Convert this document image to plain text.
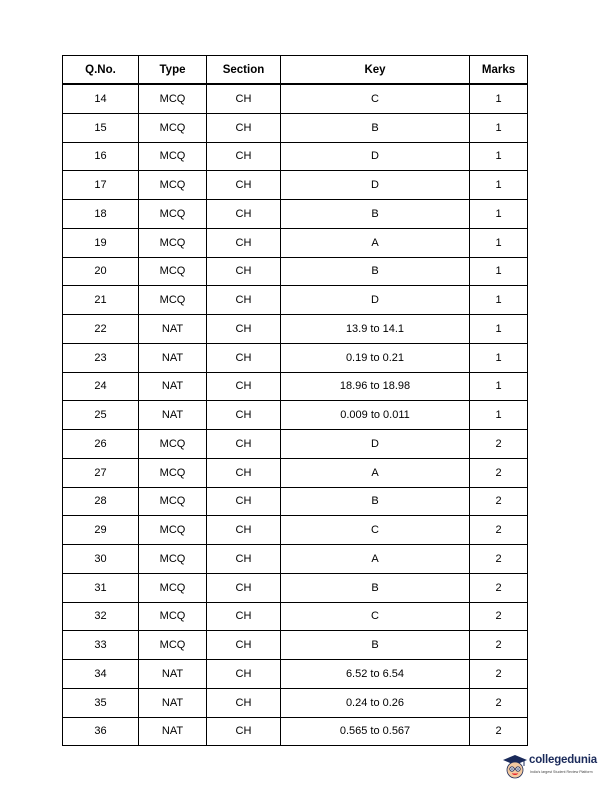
Q.No.	Type	Section	Key	Marks
14	MCQ	CH	C	1
15	MCQ	CH	B	1
16	MCQ	CH	D	1
17	MCQ	CH	D	1
18	MCQ	CH	B	1
19	MCQ	CH	A	1
20	MCQ	CH	B	1
21	MCQ	CH	D	1
22	NAT	CH	13.9 to 14.1	1
23	NAT	CH	0.19 to 0.21	1
24	NAT	CH	18.96 to 18.98	1
25	NAT	CH	0.009 to 0.011	1
26	MCQ	CH	D	2
27	MCQ	CH	A	2
28	MCQ	CH	B	2
29	MCQ	CH	C	2
30	MCQ	CH	A	2
31	MCQ	CH	B	2
32	MCQ	CH	C	2
33	MCQ	CH	B	2
34	NAT	CH	6.52 to 6.54	2
35	NAT	CH	0.24 to 0.26	2
36	NAT	CH	0.565 to 0.567	2
collegedunia
India's largest Student Review Platform
